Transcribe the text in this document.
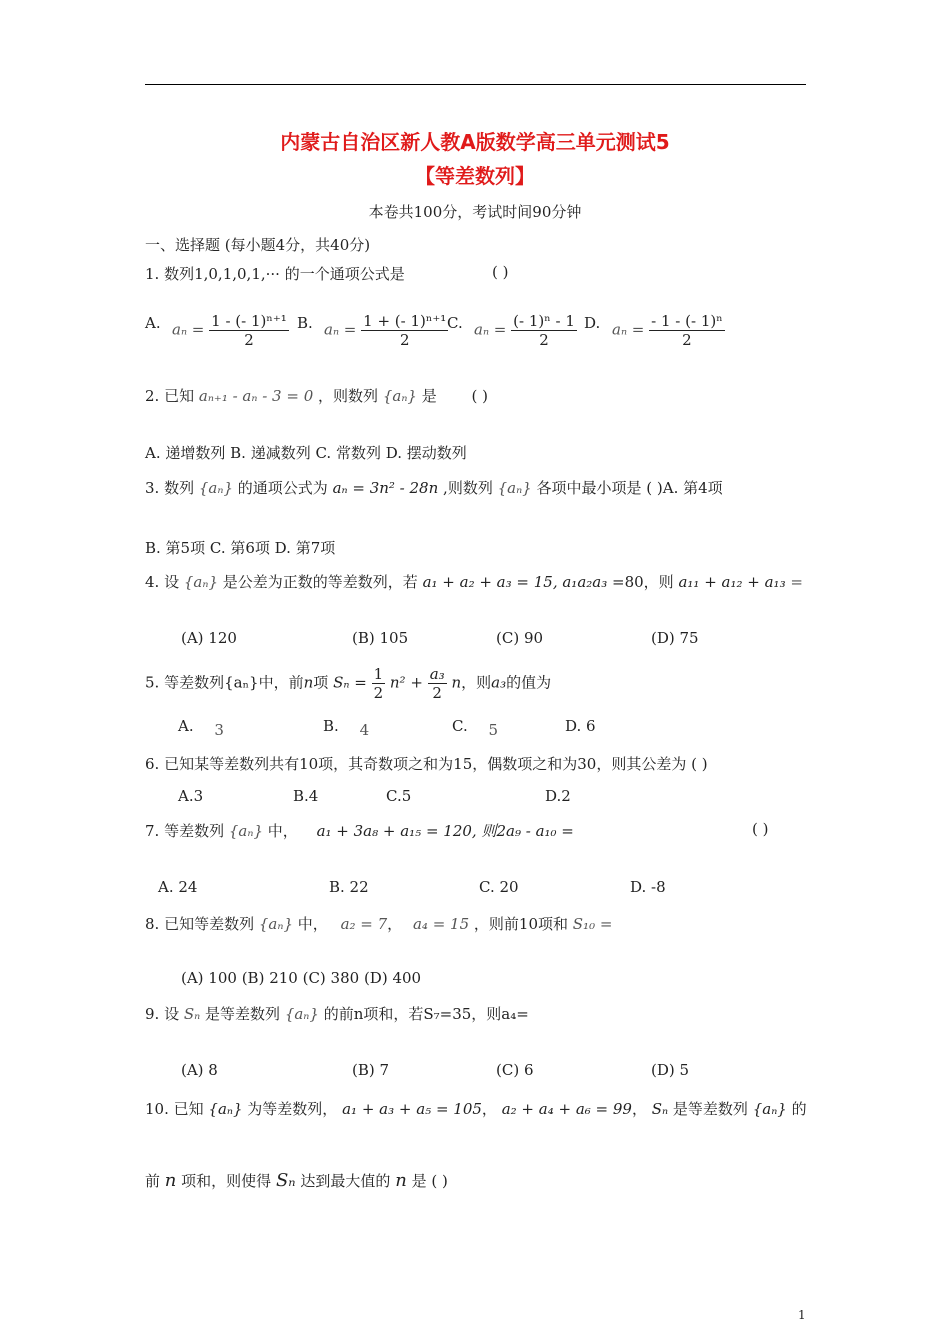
内蒙古自治区新人教A版数学高三单元测试5
【等差数列】
本卷共100分，考试时间90分钟
一、选择题 (每小题4分，共40分)
1. 数列1,0,1,0,1,··· 的一个通项公式是	( )
A. $a_n = \frac{\text{1 - (- 1)ⁿ⁺¹}}{2} B$. $a_n = \frac{\text{1 + (- 1)ⁿ⁺¹}}{2}$
C. $a_n = \frac{\text{(- 1)ⁿ - 1}}{2} D$. $a_n = \frac{\text{- 1 - (- 1)ⁿ}}{2}$
2. 已知 aₙ₊₁ - aₙ - 3 = 0 ，则数列 {aₙ} 是 ( )
A. 递增数列 B. 递减数列 C. 常数列 D. 摆动数列
3. 数列 {aₙ} 的通项公式为 aₙ = 3n² - 28n ,则数列 {aₙ} 各项中最小项是 ( )A. 第4项
B. 第5项 C. 第6项 D. 第7项
4. 设 {aₙ} 是公差为正数的等差数列，若 a₁ + a₂ + a₃ = 15, a₁a₂a₃ =80，则 a₁₁ + a₁₂ + a₁₃ =
(A) 120	(B) 105	(C) 90	(D) 75
5. 等差数列{aₙ}中，前n项 $S_n = \frac{1}{2} n^2 + \frac{\text{a₃}}{2}$ n，则a₃的值为
A. 3	B. 4	C. 5	D. 6
6. 已知某等差数列共有10项，其奇数项之和为15，偶数项之和为30，则其公差为 ( )
A.3	B.4	C.5	D.2
7. 等差数列 {aₙ} 中， a₁ + 3a₈ + a₁₅ = 120, 则2a₉ - a₁₀ =	( )
A. 24	B. 22	C. 20	D. -8
8. 已知等差数列 {aₙ} 中， a₂ = 7， a₄ = 15 ，则前10项和 S₁₀ =
(A) 100 (B) 210 (C) 380 (D) 400
9. 设 Sₙ 是等差数列 {aₙ} 的前n项和，若S₇=35，则a₄=
(A) 8	(B) 7	(C) 6	(D) 5
10. 已知 {aₙ} 为等差数列， a₁ + a₃ + a₅ = 105， a₂ + a₄ + a₆ = 99， Sₙ 是等差数列 {aₙ} 的
前 n 项和，则使得 Sₙ 达到最大值的 n 是 ( )
1
